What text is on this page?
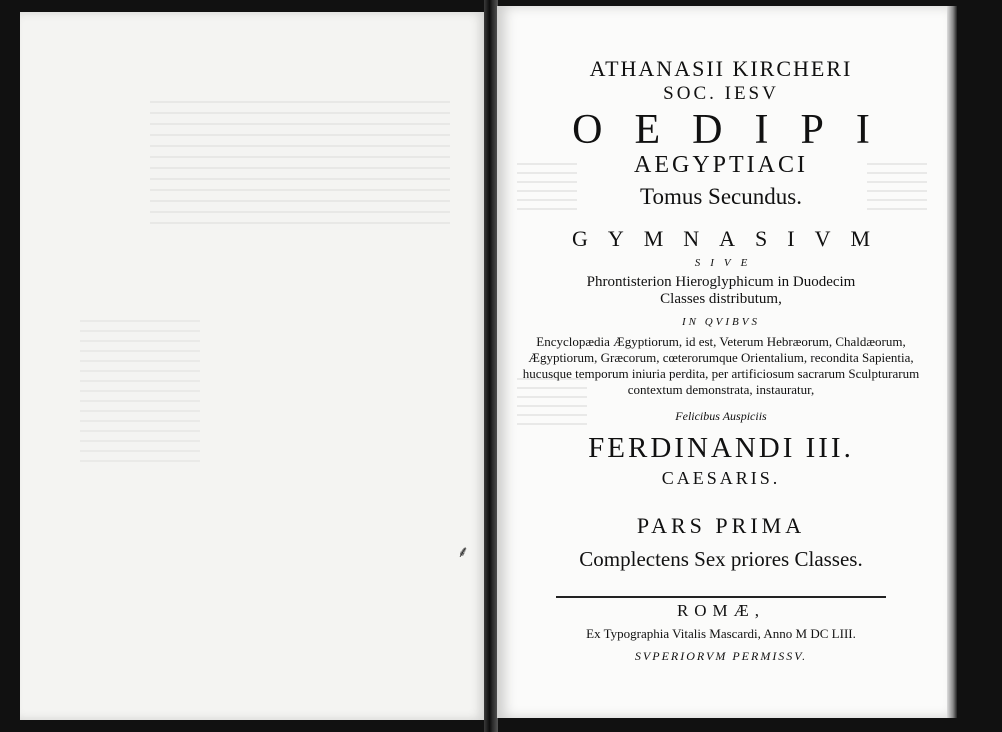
⸙
ATHANASII KIRCHERI
SOC. IESV
OEDIPI
AEGYPTIACI
Tomus Secundus.
GYMNASIVM
SIVE
Phrontisterion Hieroglyphicum in Duodecim
Classes distributum,
IN QVIBVS
Encyclopædia Ægyptiorum, id est, Veterum Hebræorum, Chaldæorum, Ægyptiorum, Græcorum, cœterorumque Orientalium, recondita Sapientia, hucusque temporum iniuria perdita, per artificiosum sacrarum Sculpturarum contextum demonstrata, instauratur,
Felicibus Auspiciis
FERDINANDI III.
CAESARIS.
PARS PRIMA
Complectens Sex priores Classes.
ROMÆ,
Ex Typographia Vitalis Mascardi, Anno M DC LIII.
SVPERIORVM PERMISSV.
